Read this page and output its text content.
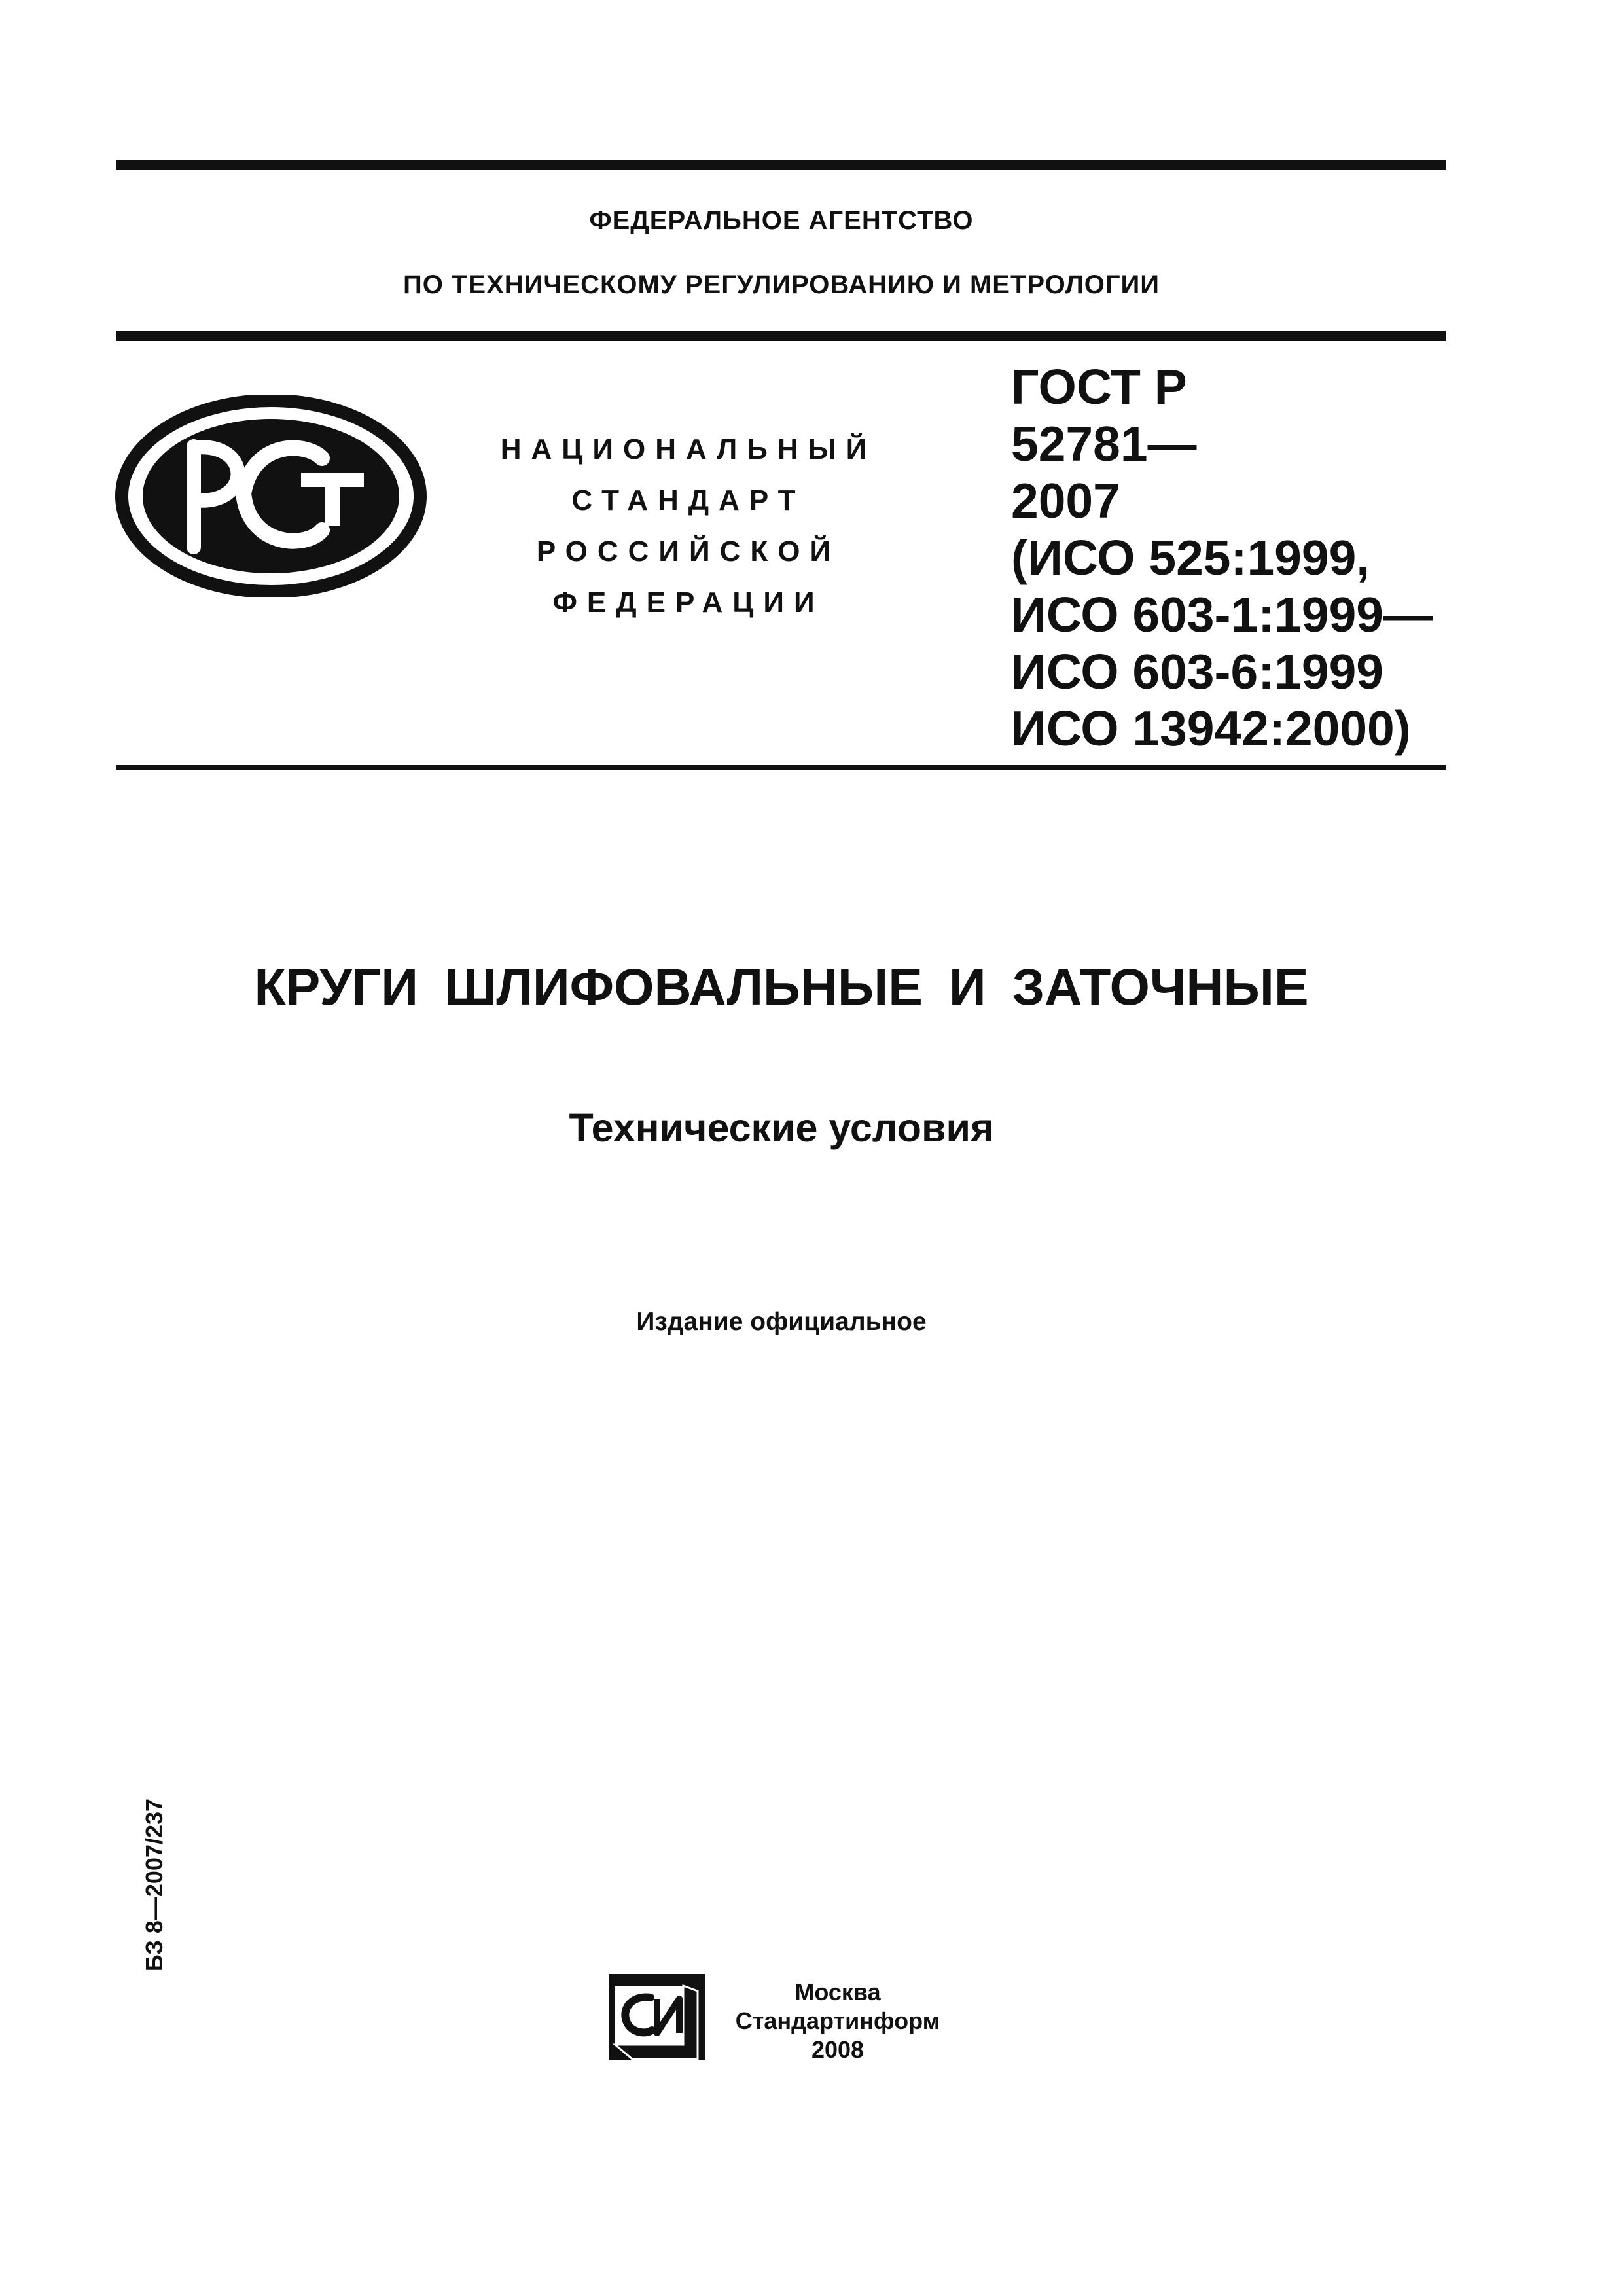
ФЕДЕРАЛЬНОЕ АГЕНТСТВО
ПО ТЕХНИЧЕСКОМУ РЕГУЛИРОВАНИЮ И МЕТРОЛОГИИ
НАЦИОНАЛЬНЫЙ
СТАНДАРТ
РОССИЙСКОЙ
ФЕДЕРАЦИИ
ГОСТ Р
52781—
2007
(ИСО 525:1999,
ИСО 603-1:1999—
ИСО 603-6:1999
ИСО 13942:2000)
КРУГИ ШЛИФОВАЛЬНЫЕ И ЗАТОЧНЫЕ
Технические условия
Издание официальное
БЗ 8—2007/237
Москва
Стандартинформ
2008
